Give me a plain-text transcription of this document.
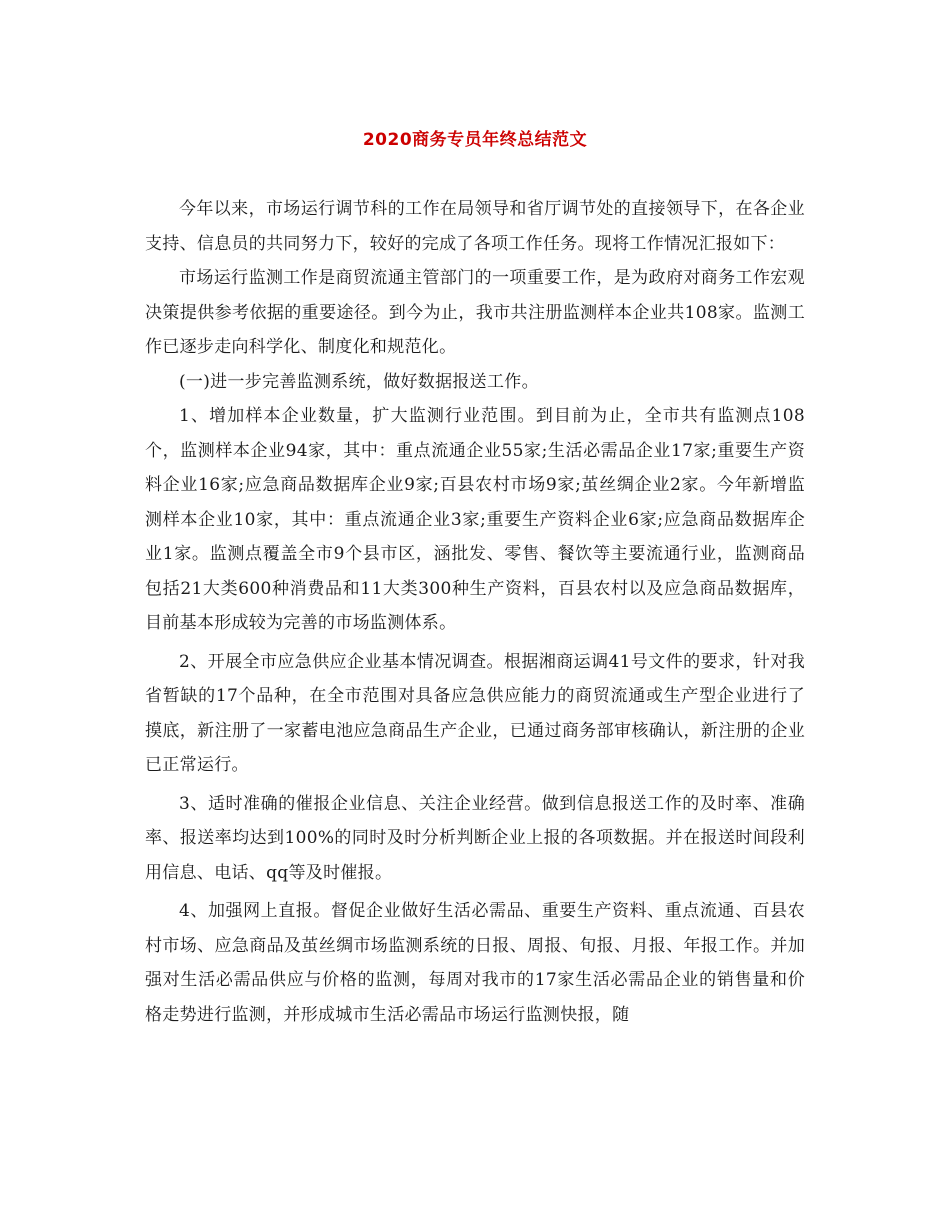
2020商务专员年终总结范文

今年以来，市场运行调节科的工作在局领导和省厅调节处的直接领导下，在各企业支持、信息员的共同努力下，较好的完成了各项工作任务。现将工作情况汇报如下：

市场运行监测工作是商贸流通主管部门的一项重要工作，是为政府对商务工作宏观决策提供参考依据的重要途径。到今为止，我市共注册监测样本企业共108家。监测工作已逐步走向科学化、制度化和规范化。

(一)进一步完善监测系统，做好数据报送工作。

1、增加样本企业数量，扩大监测行业范围。到目前为止，全市共有监测点108个，监测样本企业94家，其中：重点流通企业55家;生活必需品企业17家;重要生产资料企业16家;应急商品数据库企业9家;百县农村市场9家;茧丝绸企业2家。今年新增监测样本企业10家，其中：重点流通企业3家;重要生产资料企业6家;应急商品数据库企业1家。监测点覆盖全市9个县市区，涵批发、零售、餐饮等主要流通行业，监测商品包括21大类600种消费品和11大类300种生产资料，百县农村以及应急商品数据库，目前基本形成较为完善的市场监测体系。

2、开展全市应急供应企业基本情况调查。根据湘商运调41号文件的要求，针对我省暂缺的17个品种，在全市范围对具备应急供应能力的商贸流通或生产型企业进行了摸底，新注册了一家蓄电池应急商品生产企业，已通过商务部审核确认，新注册的企业已正常运行。

3、适时准确的催报企业信息、关注企业经营。做到信息报送工作的及时率、准确率、报送率均达到100%的同时及时分析判断企业上报的各项数据。并在报送时间段利用信息、电话、qq等及时催报。

4、加强网上直报。督促企业做好生活必需品、重要生产资料、重点流通、百县农村市场、应急商品及茧丝绸市场监测系统的日报、周报、旬报、月报、年报工作。并加强对生活必需品供应与价格的监测，每周对我市的17家生活必需品企业的销售量和价格走势进行监测，并形成城市生活必需品市场运行监测快报，随
